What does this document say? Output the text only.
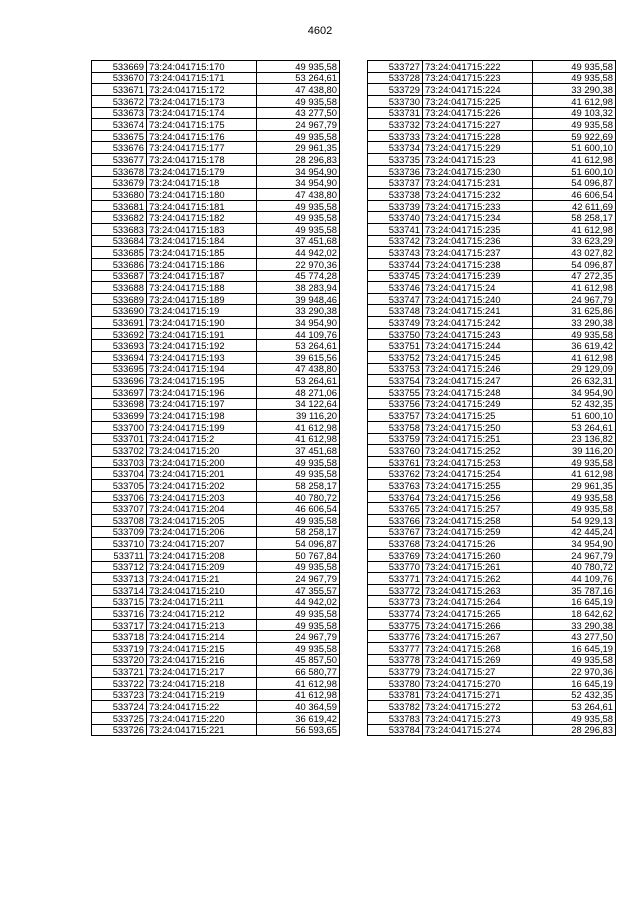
4602
533669	73:24:041715:170	49 935,58
533670	73:24:041715:171	53 264,61
533671	73:24:041715:172	47 438,80
533672	73:24:041715:173	49 935,58
533673	73:24:041715:174	43 277,50
533674	73:24:041715:175	24 967,79
533675	73:24:041715:176	49 935,58
533676	73:24:041715:177	29 961,35
533677	73:24:041715:178	28 296,83
533678	73:24:041715:179	34 954,90
533679	73:24:041715:18	34 954,90
533680	73:24:041715:180	47 438,80
533681	73:24:041715:181	49 935,58
533682	73:24:041715:182	49 935,58
533683	73:24:041715:183	49 935,58
533684	73:24:041715:184	37 451,68
533685	73:24:041715:185	44 942,02
533686	73:24:041715:186	22 970,36
533687	73:24:041715:187	45 774,28
533688	73:24:041715:188	38 283,94
533689	73:24:041715:189	39 948,46
533690	73:24:041715:19	33 290,38
533691	73:24:041715:190	34 954,90
533692	73:24:041715:191	44 109,76
533693	73:24:041715:192	53 264,61
533694	73:24:041715:193	39 615,56
533695	73:24:041715:194	47 438,80
533696	73:24:041715:195	53 264,61
533697	73:24:041715:196	48 271,06
533698	73:24:041715:197	34 122,64
533699	73:24:041715:198	39 116,20
533700	73:24:041715:199	41 612,98
533701	73:24:041715:2	41 612,98
533702	73:24:041715:20	37 451,68
533703	73:24:041715:200	49 935,58
533704	73:24:041715:201	49 935,58
533705	73:24:041715:202	58 258,17
533706	73:24:041715:203	40 780,72
533707	73:24:041715:204	46 606,54
533708	73:24:041715:205	49 935,58
533709	73:24:041715:206	58 258,17
533710	73:24:041715:207	54 096,87
533711	73:24:041715:208	50 767,84
533712	73:24:041715:209	49 935,58
533713	73:24:041715:21	24 967,79
533714	73:24:041715:210	47 355,57
533715	73:24:041715:211	44 942,02
533716	73:24:041715:212	49 935,58
533717	73:24:041715:213	49 935,58
533718	73:24:041715:214	24 967,79
533719	73:24:041715:215	49 935,58
533720	73:24:041715:216	45 857,50
533721	73:24:041715:217	66 580,77
533722	73:24:041715:218	41 612,98
533723	73:24:041715:219	41 612,98
533724	73:24:041715:22	40 364,59
533725	73:24:041715:220	36 619,42
533726	73:24:041715:221	56 593,65
533727	73:24:041715:222	49 935,58
533728	73:24:041715:223	49 935,58
533729	73:24:041715:224	33 290,38
533730	73:24:041715:225	41 612,98
533731	73:24:041715:226	49 103,32
533732	73:24:041715:227	49 935,58
533733	73:24:041715:228	59 922,69
533734	73:24:041715:229	51 600,10
533735	73:24:041715:23	41 612,98
533736	73:24:041715:230	51 600,10
533737	73:24:041715:231	54 096,87
533738	73:24:041715:232	46 606,54
533739	73:24:041715:233	42 611,69
533740	73:24:041715:234	58 258,17
533741	73:24:041715:235	41 612,98
533742	73:24:041715:236	33 623,29
533743	73:24:041715:237	43 027,82
533744	73:24:041715:238	54 096,87
533745	73:24:041715:239	47 272,35
533746	73:24:041715:24	41 612,98
533747	73:24:041715:240	24 967,79
533748	73:24:041715:241	31 625,86
533749	73:24:041715:242	33 290,38
533750	73:24:041715:243	49 935,58
533751	73:24:041715:244	36 619,42
533752	73:24:041715:245	41 612,98
533753	73:24:041715:246	29 129,09
533754	73:24:041715:247	26 632,31
533755	73:24:041715:248	34 954,90
533756	73:24:041715:249	52 432,35
533757	73:24:041715:25	51 600,10
533758	73:24:041715:250	53 264,61
533759	73:24:041715:251	23 136,82
533760	73:24:041715:252	39 116,20
533761	73:24:041715:253	49 935,58
533762	73:24:041715:254	41 612,98
533763	73:24:041715:255	29 961,35
533764	73:24:041715:256	49 935,58
533765	73:24:041715:257	49 935,58
533766	73:24:041715:258	54 929,13
533767	73:24:041715:259	42 445,24
533768	73:24:041715:26	34 954,90
533769	73:24:041715:260	24 967,79
533770	73:24:041715:261	40 780,72
533771	73:24:041715:262	44 109,76
533772	73:24:041715:263	35 787,16
533773	73:24:041715:264	16 645,19
533774	73:24:041715:265	18 642,62
533775	73:24:041715:266	33 290,38
533776	73:24:041715:267	43 277,50
533777	73:24:041715:268	16 645,19
533778	73:24:041715:269	49 935,58
533779	73:24:041715:27	22 970,36
533780	73:24:041715:270	16 645,19
533781	73:24:041715:271	52 432,35
533782	73:24:041715:272	53 264,61
533783	73:24:041715:273	49 935,58
533784	73:24:041715:274	28 296,83
